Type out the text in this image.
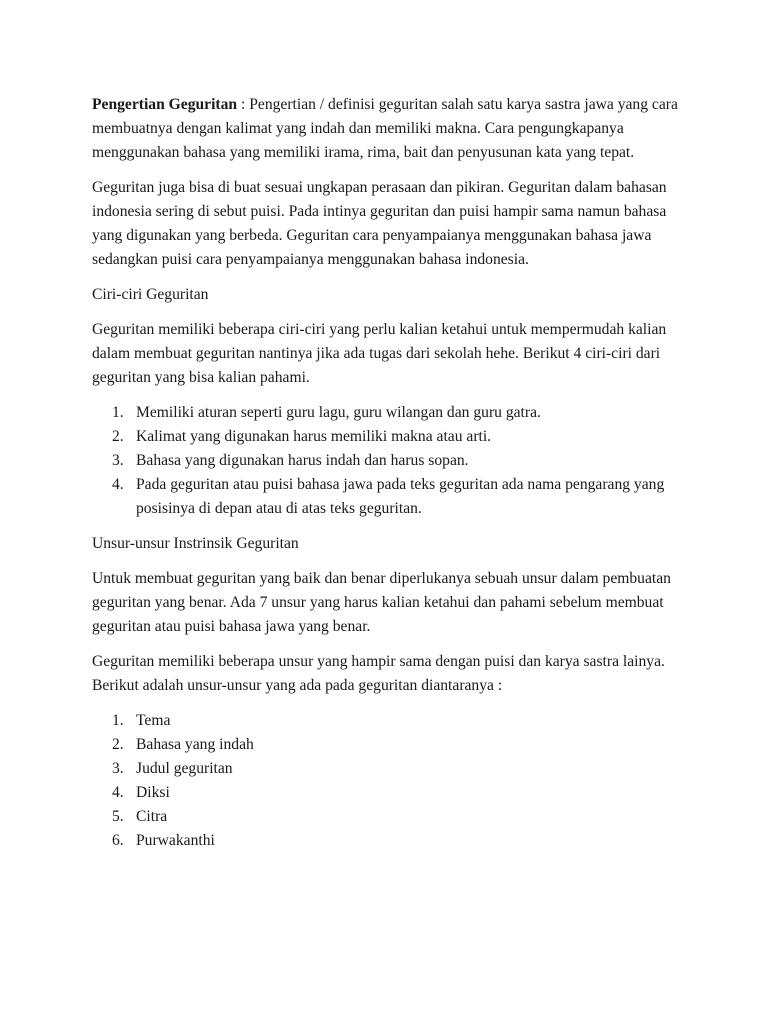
Pengertian Geguritan : Pengertian / definisi geguritan salah satu karya sastra jawa yang cara membuatnya dengan kalimat yang indah dan memiliki makna. Cara pengungkapanya menggunakan bahasa yang memiliki irama, rima, bait dan penyusunan kata yang tepat.

Geguritan juga bisa di buat sesuai ungkapan perasaan dan pikiran. Geguritan dalam bahasan indonesia sering di sebut puisi. Pada intinya geguritan dan puisi hampir sama namun bahasa yang digunakan yang berbeda. Geguritan cara penyampaianya menggunakan bahasa jawa sedangkan puisi cara penyampaianya menggunakan bahasa indonesia.

Ciri-ciri Geguritan

Geguritan memiliki beberapa ciri-ciri yang perlu kalian ketahui untuk mempermudah kalian dalam membuat geguritan nantinya jika ada tugas dari sekolah hehe. Berikut 4 ciri-ciri dari geguritan yang bisa kalian pahami.

1. Memiliki aturan seperti guru lagu, guru wilangan dan guru gatra.
2. Kalimat yang digunakan harus memiliki makna atau arti.
3. Bahasa yang digunakan harus indah dan harus sopan.
4. Pada geguritan atau puisi bahasa jawa pada teks geguritan ada nama pengarang yang posisinya di depan atau di atas teks geguritan.

Unsur-unsur Instrinsik Geguritan

Untuk membuat geguritan yang baik dan benar diperlukanya sebuah unsur dalam pembuatan geguritan yang benar. Ada 7 unsur yang harus kalian ketahui dan pahami sebelum membuat geguritan atau puisi bahasa jawa yang benar.

Geguritan memiliki beberapa unsur yang hampir sama dengan puisi dan karya sastra lainya. Berikut adalah unsur-unsur yang ada pada geguritan diantaranya :

1. Tema
2. Bahasa yang indah
3. Judul geguritan
4. Diksi
5. Citra
6. Purwakanthi
